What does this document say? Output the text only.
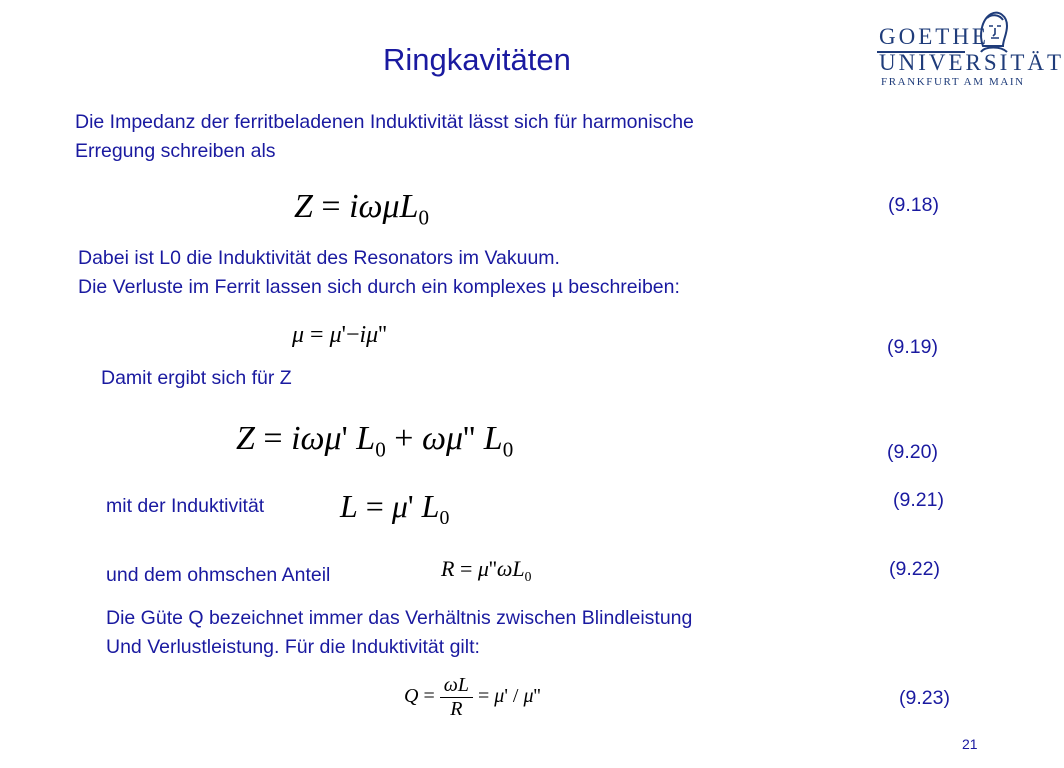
Ringkavitäten
GOETHE
UNIVERSITÄT
FRANKFURT AM MAIN
Die Impedanz der ferritbeladenen Induktivität lässt sich für harmonische
Erregung schreiben als
Z = iωμL$_0$
(9.18)
Dabei ist L0 die Induktivität des Resonators im Vakuum.
Die Verluste im Ferrit lassen sich durch ein komplexes µ beschreiben:
μ = μ'−iμ''	(9.19)
Damit ergibt sich für Z
Z = iωμ' $L_0 + \omega\mu''$ $L_0$	(9.20)
mit der Induktivität L = μ' $L_0$
(9.21)
und dem ohmschen Anteil	$R = \mu''\omega L_0$	(9.22)
Die Güte Q bezeichnet immer das Verhältnis zwischen Blindleistung
Und Verlustleistung. Für die Induktivität gilt:
$Q = \frac{\omega L}{R} = \mu' / \mu''$	(9.23)
21
